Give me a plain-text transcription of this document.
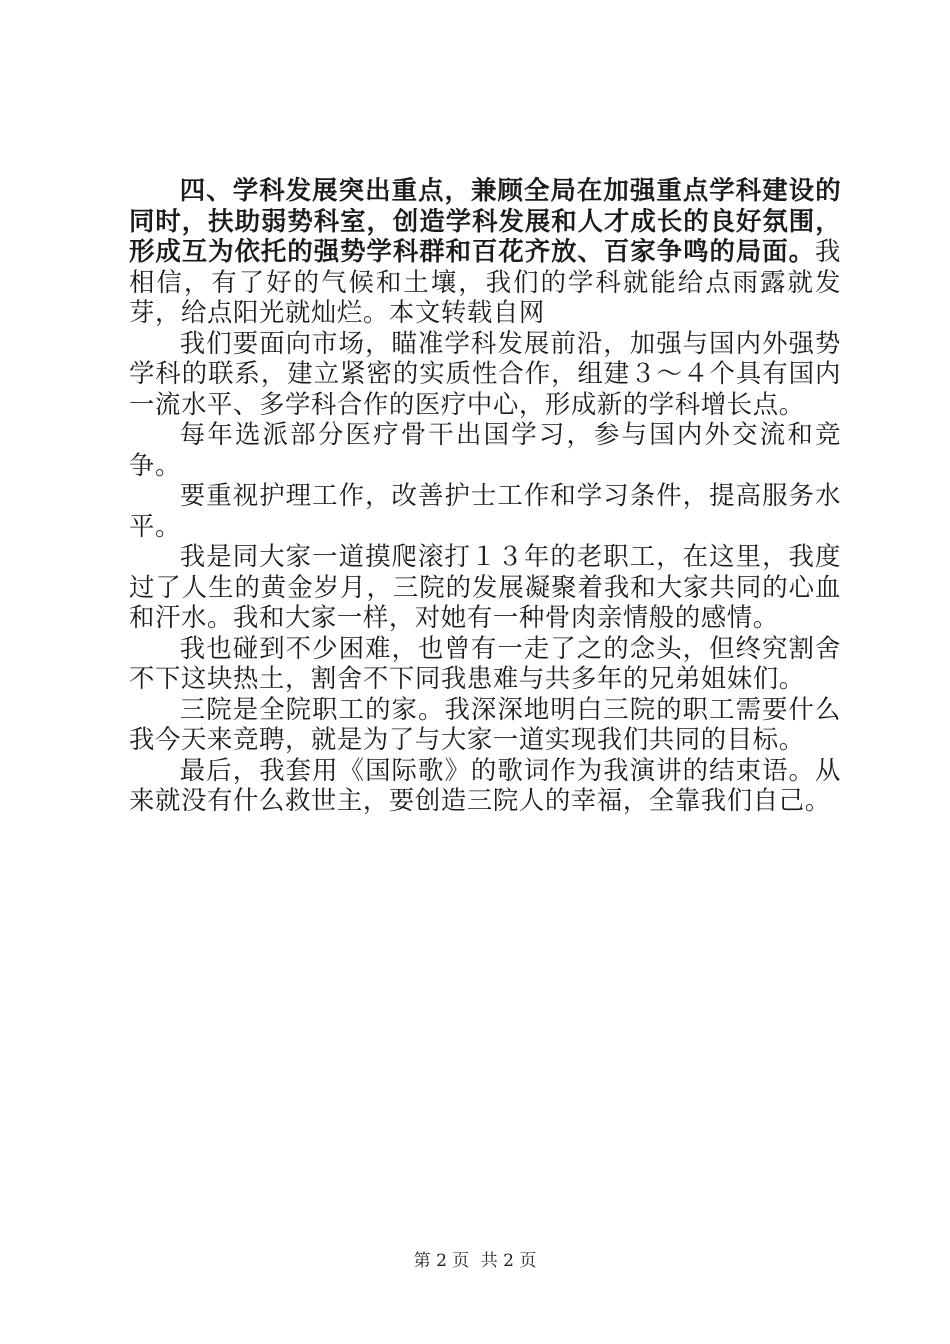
四、学科发展突出重点，兼顾全局在加强重点学科建设的同时，扶助弱势科室，创造学科发展和人才成长的良好氛围，形成互为依托的强势学科群和百花齐放、百家争鸣的局面。我相信，有了好的气候和土壤，我们的学科就能给点雨露就发芽，给点阳光就灿烂。本文转载自网

我们要面向市场，瞄准学科发展前沿，加强与国内外强势学科的联系，建立紧密的实质性合作，组建３～４个具有国内一流水平、多学科合作的医疗中心，形成新的学科增长点。

每年选派部分医疗骨干出国学习，参与国内外交流和竞争。

要重视护理工作，改善护士工作和学习条件，提高服务水平。

我是同大家一道摸爬滚打１３年的老职工，在这里，我度过了人生的黄金岁月，三院的发展凝聚着我和大家共同的心血和汗水。我和大家一样，对她有一种骨肉亲情般的感情。

我也碰到不少困难，也曾有一走了之的念头，但终究割舍不下这块热土，割舍不下同我患难与共多年的兄弟姐妹们。

三院是全院职工的家。我深深地明白三院的职工需要什么我今天来竞聘，就是为了与大家一道实现我们共同的目标。

最后，我套用《国际歌》的歌词作为我演讲的结束语。从来就没有什么救世主，要创造三院人的幸福，全靠我们自己。

第 2 页 共 2 页
